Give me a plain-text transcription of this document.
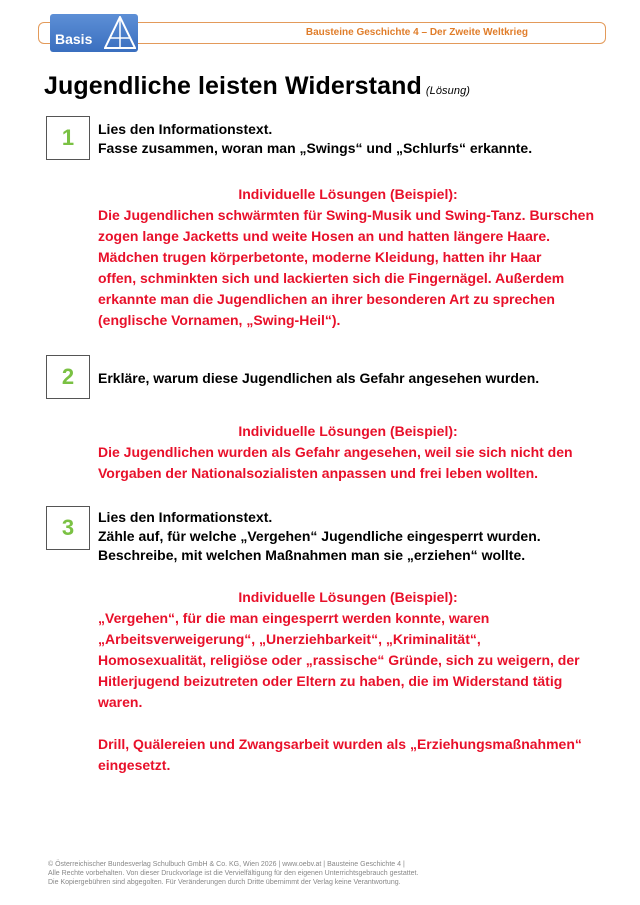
Basis	Bausteine Geschichte 4 – Der Zweite Weltkrieg
Jugendliche leisten Widerstand (Lösung)
1	Lies den Informationstext.
Fasse zusammen, woran man „Swings“ und „Schlurfs“ erkannte.
Individuelle Lösungen (Beispiel):
Die Jugendlichen schwärmten für Swing-Musik und Swing-Tanz. Burschen
zogen lange Jacketts und weite Hosen an und hatten längere Haare.
Mädchen trugen körperbetonte, moderne Kleidung, hatten ihr Haar
offen, schminkten sich und lackierten sich die Fingernägel. Außerdem
erkannte man die Jugendlichen an ihrer besonderen Art zu sprechen
(englische Vornamen, „Swing-Heil“).
2	Erkläre, warum diese Jugendlichen als Gefahr angesehen wurden.
Individuelle Lösungen (Beispiel):
Die Jugendlichen wurden als Gefahr angesehen, weil sie sich nicht den
Vorgaben der Nationalsozialisten anpassen und frei leben wollten.
3	Lies den Informationstext.
Zähle auf, für welche „Vergehen“ Jugendliche eingesperrt wurden.
Beschreibe, mit welchen Maßnahmen man sie „erziehen“ wollte.
Individuelle Lösungen (Beispiel):
„Vergehen“, für die man eingesperrt werden konnte, waren
„Arbeitsverweigerung“, „Unerziehbarkeit“, „Kriminalität“,
Homosexualität, religiöse oder „rassische“ Gründe, sich zu weigern, der
Hitlerjugend beizutreten oder Eltern zu haben, die im Widerstand tätig
waren.
Drill, Quälereien und Zwangsarbeit wurden als „Erziehungsmaßnahmen“
eingesetzt.
© Österreichischer Bundesverlag Schulbuch GmbH & Co. KG, Wien 2026 | www.oebv.at | Bausteine Geschichte 4 |
Alle Rechte vorbehalten. Von dieser Druckvorlage ist die Vervielfältigung für den eigenen Unterrichtsgebrauch gestattet.
Die Kopiergebühren sind abgegolten. Für Veränderungen durch Dritte übernimmt der Verlag keine Verantwortung.
